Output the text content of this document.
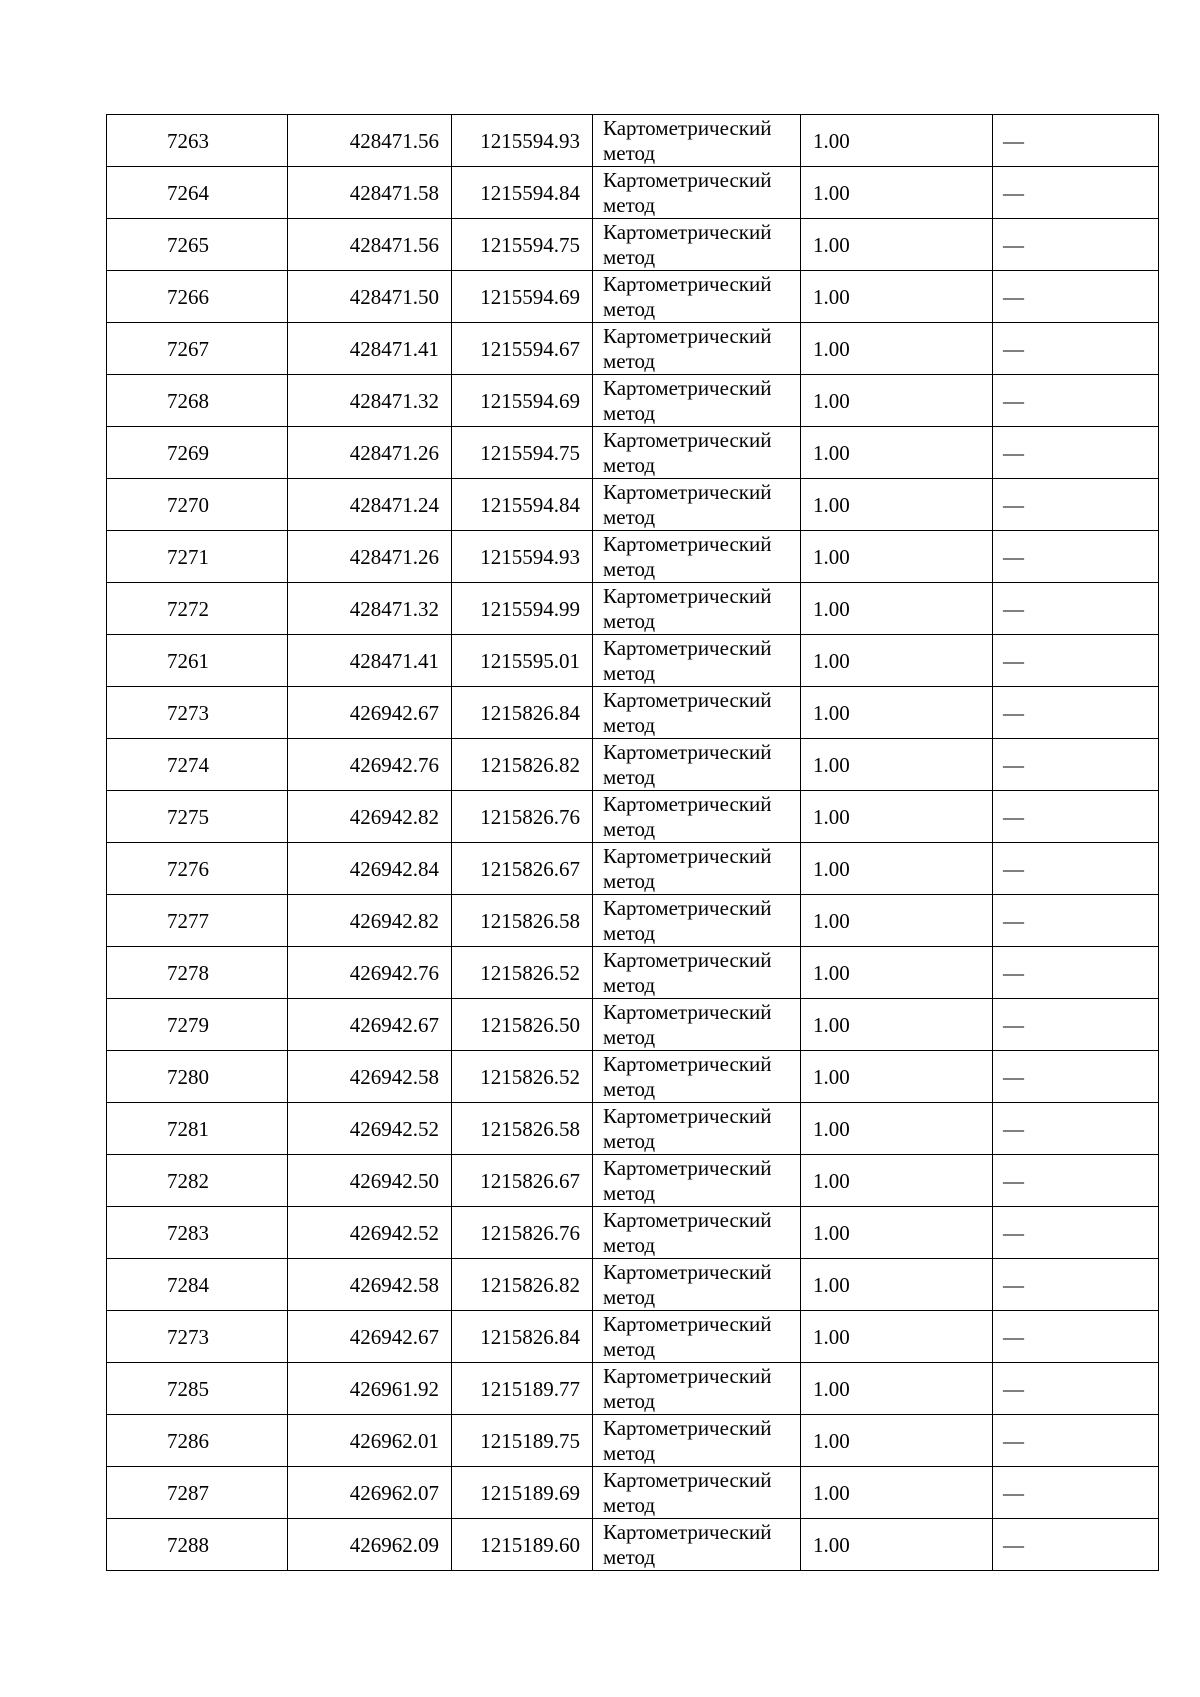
7263	428471.56	1215594.93	Картометрический
метод	1.00	—
7264	428471.58	1215594.84	Картометрический
метод	1.00	—
7265	428471.56	1215594.75	Картометрический
метод	1.00	—
7266	428471.50	1215594.69	Картометрический
метод	1.00	—
7267	428471.41	1215594.67	Картометрический
метод	1.00	—
7268	428471.32	1215594.69	Картометрический
метод	1.00	—
7269	428471.26	1215594.75	Картометрический
метод	1.00	—
7270	428471.24	1215594.84	Картометрический
метод	1.00	—
7271	428471.26	1215594.93	Картометрический
метод	1.00	—
7272	428471.32	1215594.99	Картометрический
метод	1.00	—
7261	428471.41	1215595.01	Картометрический
метод	1.00	—
7273	426942.67	1215826.84	Картометрический
метод	1.00	—
7274	426942.76	1215826.82	Картометрический
метод	1.00	—
7275	426942.82	1215826.76	Картометрический
метод	1.00	—
7276	426942.84	1215826.67	Картометрический
метод	1.00	—
7277	426942.82	1215826.58	Картометрический
метод	1.00	—
7278	426942.76	1215826.52	Картометрический
метод	1.00	—
7279	426942.67	1215826.50	Картометрический
метод	1.00	—
7280	426942.58	1215826.52	Картометрический
метод	1.00	—
7281	426942.52	1215826.58	Картометрический
метод	1.00	—
7282	426942.50	1215826.67	Картометрический
метод	1.00	—
7283	426942.52	1215826.76	Картометрический
метод	1.00	—
7284	426942.58	1215826.82	Картометрический
метод	1.00	—
7273	426942.67	1215826.84	Картометрический
метод	1.00	—
7285	426961.92	1215189.77	Картометрический
метод	1.00	—
7286	426962.01	1215189.75	Картометрический
метод	1.00	—
7287	426962.07	1215189.69	Картометрический
метод	1.00	—
7288	426962.09	1215189.60	Картометрический
метод	1.00	—
